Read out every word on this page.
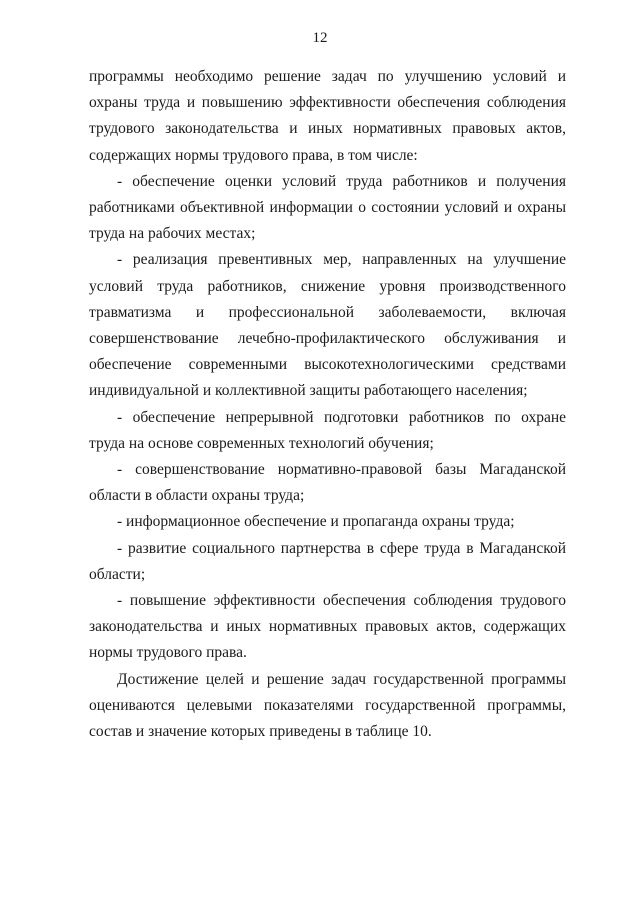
12

программы необходимо решение задач по улучшению условий и охраны труда и повышению эффективности обеспечения соблюдения трудового законодательства и иных нормативных правовых актов, содержащих нормы трудового права, в том числе:

- обеспечение оценки условий труда работников и получения работниками объективной информации о состоянии условий и охраны труда на рабочих местах;

- реализация превентивных мер, направленных на улучшение условий труда работников, снижение уровня производственного травматизма и профессиональной заболеваемости, включая совершенствование лечебно-профилактического обслуживания и обеспечение современными высокотехнологическими средствами индивидуальной и коллективной защиты работающего населения;

- обеспечение непрерывной подготовки работников по охране труда на основе современных технологий обучения;

- совершенствование нормативно-правовой базы Магаданской области в области охраны труда;

- информационное обеспечение и пропаганда охраны труда;

- развитие социального партнерства в сфере труда в Магаданской области;

- повышение эффективности обеспечения соблюдения трудового законодательства и иных нормативных правовых актов, содержащих нормы трудового права.

Достижение целей и решение задач государственной программы оцениваются целевыми показателями государственной программы, состав и значение которых приведены в таблице 10.
